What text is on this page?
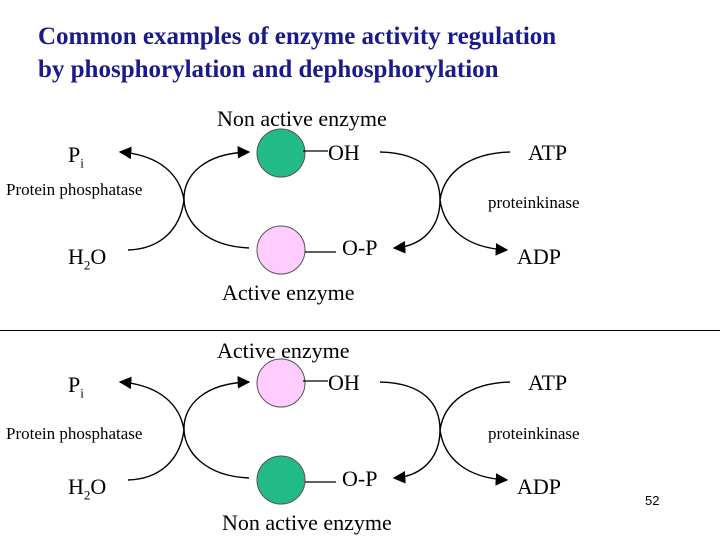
Common examples of enzyme activity regulation
by phosphorylation and dephosphorylation
Non active enzyme
$P_i$	OH	ATP
Protein phosphatase
proteinkinase
$H_2O$	O-P	ADP
Active enzyme
Active enzyme
$P_i$	OH	ATP
Protein phosphatase	proteinkinase
$H_2O$	O-P	ADP
Non active enzyme
52
